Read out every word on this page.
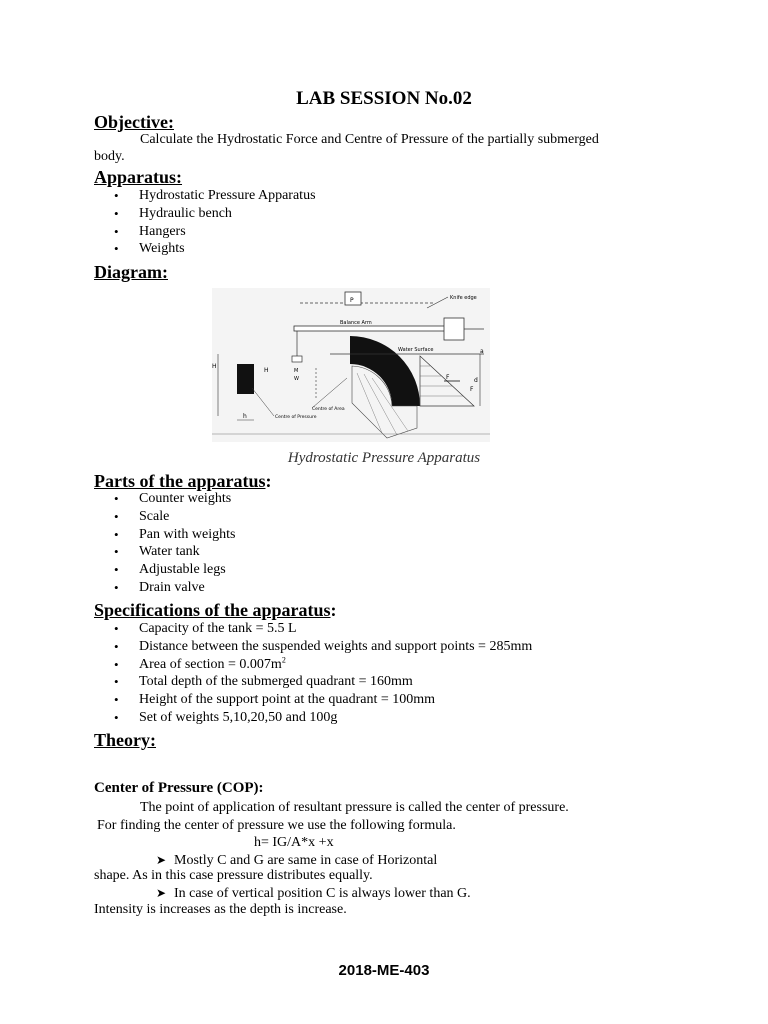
LAB SESSION No.02
Objective:
Calculate the Hydrostatic Force and Centre of Pressure of the partially submerged
body.
Apparatus:
• Hydrostatic Pressure Apparatus
• Hydraulic bench
• Hangers
• Weights
Diagram:
P	Knife edge
Balance Arm
M
W
Water Surface	a
F
F
d
H
H
h	Centre of Pressure
Centre of Area
Hydrostatic Pressure Apparatus
Parts of the apparatus:
• Counter weights
• Scale
• Pan with weights
• Water tank
• Adjustable legs
• Drain valve
Specifications of the apparatus:
• Capacity of the tank = 5.5 L
• Distance between the suspended weights and support points = 285mm
• Area of section = $0.007m^2$
• Total depth of the submerged quadrant = 160mm
• Height of the support point at the quadrant = 100mm
• Set of weights 5,10,20,50 and 100g
Theory:
Center of Pressure (COP):
The point of application of resultant pressure is called the center of pressure.
For finding the center of pressure we use the following formula.
h= IG/A*x +x
➤ Mostly C and G are same in case of Horizontal
shape. As in this case pressure distributes equally.
➤ In case of vertical position C is always lower than G.
Intensity is increases as the depth is increase.
2018-ME-403
